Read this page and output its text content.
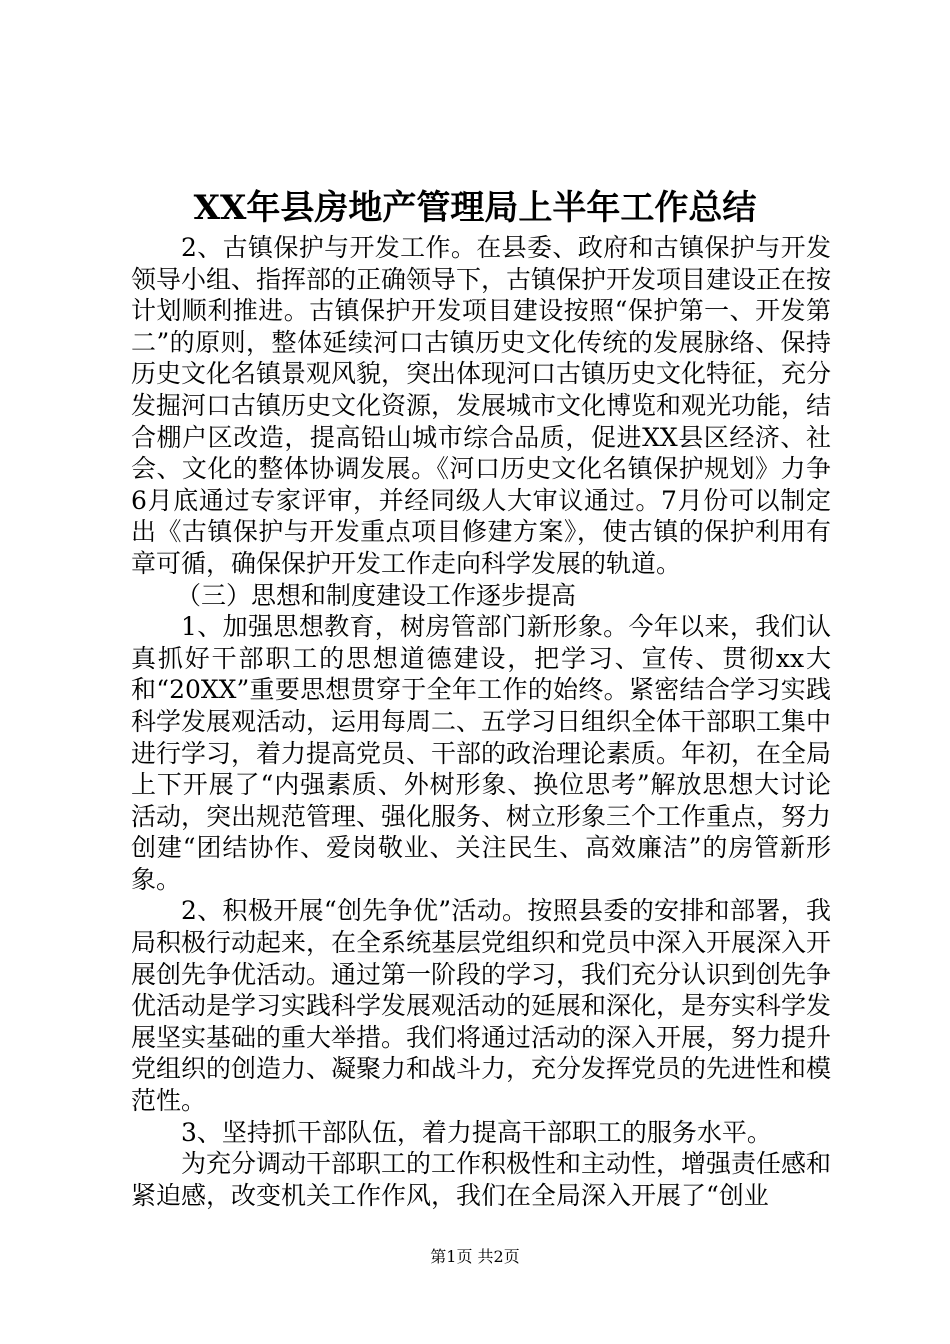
XX年县房地产管理局上半年工作总结

2、古镇保护与开发工作。在县委、政府和古镇保护与开发领导小组、指挥部的正确领导下，古镇保护开发项目建设正在按计划顺利推进。古镇保护开发项目建设按照“保护第一、开发第二”的原则，整体延续河口古镇历史文化传统的发展脉络、保持历史文化名镇景观风貌，突出体现河口古镇历史文化特征，充分发掘河口古镇历史文化资源，发展城市文化博览和观光功能，结合棚户区改造，提高铅山城市综合品质，促进XX县区经济、社会、文化的整体协调发展。《河口历史文化名镇保护规划》力争6月底通过专家评审，并经同级人大审议通过。7月份可以制定出《古镇保护与开发重点项目修建方案》，使古镇的保护利用有章可循，确保保护开发工作走向科学发展的轨道。

（三）思想和制度建设工作逐步提高

1、加强思想教育，树房管部门新形象。今年以来，我们认真抓好干部职工的思想道德建设，把学习、宣传、贯彻xx大和“20XX”重要思想贯穿于全年工作的始终。紧密结合学习实践科学发展观活动，运用每周二、五学习日组织全体干部职工集中进行学习，着力提高党员、干部的政治理论素质。年初，在全局上下开展了“内强素质、外树形象、换位思考”解放思想大讨论活动，突出规范管理、强化服务、树立形象三个工作重点，努力创建“团结协作、爱岗敬业、关注民生、高效廉洁”的房管新形象。

2、积极开展“创先争优”活动。按照县委的安排和部署，我局积极行动起来，在全系统基层党组织和党员中深入开展深入开展创先争优活动。通过第一阶段的学习，我们充分认识到创先争优活动是学习实践科学发展观活动的延展和深化，是夯实科学发展坚实基础的重大举措。我们将通过活动的深入开展，努力提升党组织的创造力、凝聚力和战斗力，充分发挥党员的先进性和模范性。

3、坚持抓干部队伍，着力提高干部职工的服务水平。

为充分调动干部职工的工作积极性和主动性，增强责任感和紧迫感，改变机关工作作风，我们在全局深入开展了“创业

第1页 共2页
